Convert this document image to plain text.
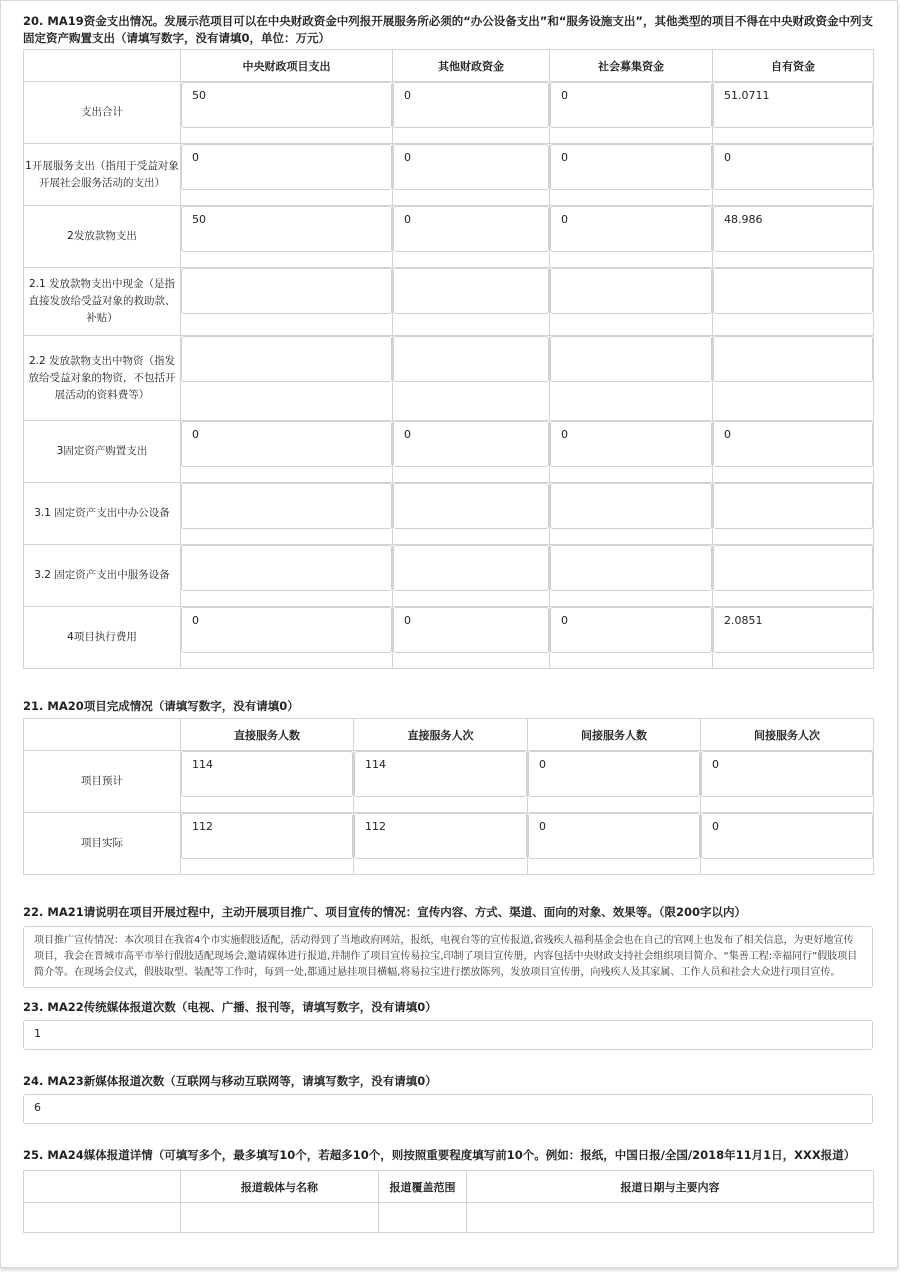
20. MA19资金支出情况。发展示范项目可以在中央财政资金中列报开展服务所必须的“办公设备支出”和“服务设施支出”，其他类型的项目不得在中央财政资金中列支固定资产购置支出（请填写数字，没有请填0，单位：万元）

	中央财政项目支出	其他财政资金	社会募集资金	自有资金
支出合计	50	0	0	51.0711

1开展服务支出（指用于受益对象开展社会服务活动的支出）	0	0	0	0

2发放款物支出	50	0	0	48.986

2.1 发放款物支出中现金（是指直接发放给受益对象的救助款、补贴）	

2.2 发放款物支出中物资（指发放给受益对象的物资，不包括开展活动的资料费等）	

3固定资产购置支出	0	0	0	0

3.1 固定资产支出中办公设备	

3.2 固定资产支出中服务设备	

4项目执行费用	0	0	0	2.0851

21. MA20项目完成情况（请填写数字，没有请填0）

	直接服务人数	直接服务人次	间接服务人数	间接服务人次
项目预计	114	114	0	0

项目实际	112	112	0	0

22. MA21请说明在项目开展过程中，主动开展项目推广、项目宣传的情况：宣传内容、方式、渠道、面向的对象、效果等。（限200字以内）

项目推广宣传情况：本次项目在我省4个市实施假肢适配，活动得到了当地政府网站，报纸，电视台等的宣传报道,省残疾人福利基金会也在自己的官网上也发布了相关信息，为更好地宣传项目，我会在晋城市高平市举行假肢适配现场会,邀请媒体进行报道,并制作了项目宣传易拉宝,印制了项目宣传册，内容包括中央财政支持社会组织项目简介、“集善工程:幸福同行”假肢项目简介等。在现场会仪式，假肢取型、装配等工作时，每到一处,都通过悬挂项目横幅,将易拉宝进行摆放陈列，发放项目宣传册，向残疾人及其家属、工作人员和社会大众进行项目宣传。

23. MA22传统媒体报道次数（电视、广播、报刊等，请填写数字，没有请填0）

1

24. MA23新媒体报道次数（互联网与移动互联网等，请填写数字，没有请填0）

6

25. MA24媒体报道详情（可填写多个，最多填写10个，若超多10个，则按照重要程度填写前10个。例如：报纸，中国日报/全国/2018年11月1日，XXX报道）

	报道载体与名称	报道覆盖范围	报道日期与主要内容
